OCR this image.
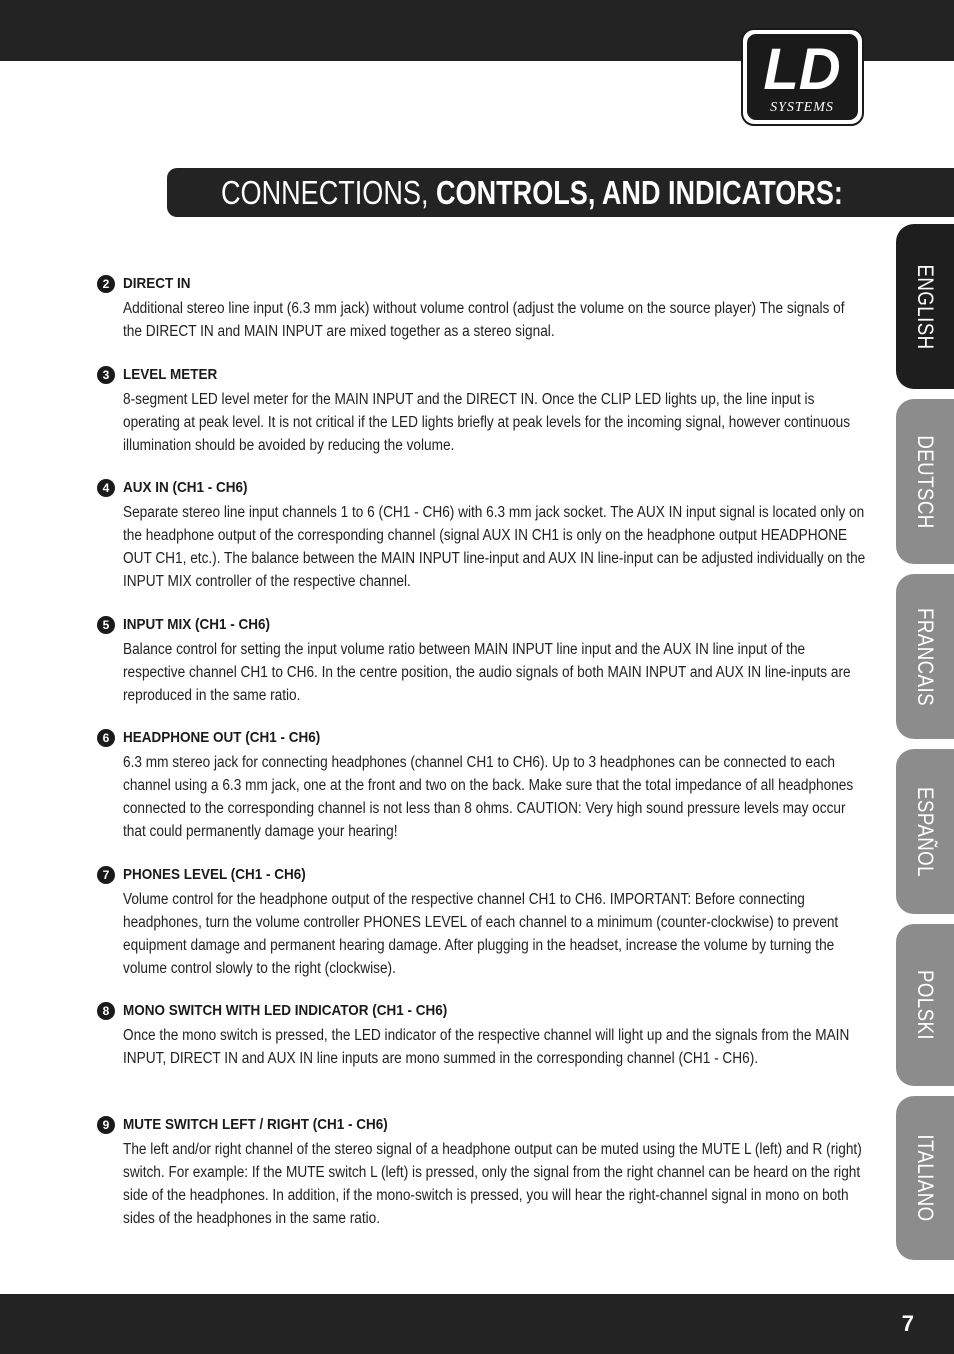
LD
SYSTEMS
CONNECTIONS, CONTROLS, AND INDICATORS:
ENGLISH
DEUTSCH
FRANCAIS
ESPAÑOL
POLSKI
ITALIANO
2 DIRECT IN
Additional stereo line input (6.3 mm jack) without volume control (adjust the volume on the source player) The signals of the DIRECT IN and MAIN INPUT are mixed together as a stereo signal.
3 LEVEL METER
8-segment LED level meter for the MAIN INPUT and the DIRECT IN. Once the CLIP LED lights up, the line input is operating at peak level. It is not critical if the LED lights briefly at peak levels for the incoming signal, however continuous illumination should be avoided by reducing the volume.
4 AUX IN (CH1 - CH6)
Separate stereo line input channels 1 to 6 (CH1 - CH6) with 6.3 mm jack socket. The AUX IN input signal is located only on the headphone output of the corresponding channel (signal AUX IN CH1 is only on the headphone output HEADPHONE OUT CH1, etc.). The balance between the MAIN INPUT line-input and AUX IN line-input can be adjusted individually on the INPUT MIX controller of the respective channel.
5 INPUT MIX (CH1 - CH6)
Balance control for setting the input volume ratio between MAIN INPUT line input and the AUX IN line input of the respective channel CH1 to CH6. In the centre position, the audio signals of both MAIN INPUT and AUX IN line-inputs are reproduced in the same ratio.
6 HEADPHONE OUT (CH1 - CH6)
6.3 mm stereo jack for connecting headphones (channel CH1 to CH6). Up to 3 headphones can be connected to each channel using a 6.3 mm jack, one at the front and two on the back. Make sure that the total impedance of all headphones connected to the corresponding channel is not less than 8 ohms. CAUTION: Very high sound pressure levels may occur that could permanently damage your hearing!
7 PHONES LEVEL (CH1 - CH6)
Volume control for the headphone output of the respective channel CH1 to CH6. IMPORTANT: Before connecting headphones, turn the volume controller PHONES LEVEL of each channel to a minimum (counter-clockwise) to prevent equipment damage and permanent hearing damage. After plugging in the headset, increase the volume by turning the volume control slowly to the right (clockwise).
8 MONO SWITCH WITH LED INDICATOR (CH1 - CH6)
Once the mono switch is pressed, the LED indicator of the respective channel will light up and the signals from the MAIN INPUT, DIRECT IN and AUX IN line inputs are mono summed in the corresponding channel (CH1 - CH6).
9 MUTE SWITCH LEFT / RIGHT (CH1 - CH6)
The left and/or right channel of the stereo signal of a headphone output can be muted using the MUTE L (left) and R (right) switch. For example: If the MUTE switch L (left) is pressed, only the signal from the right channel can be heard on the right side of the headphones. In addition, if the mono-switch is pressed, you will hear the right-channel signal in mono on both sides of the headphones in the same ratio.
7
